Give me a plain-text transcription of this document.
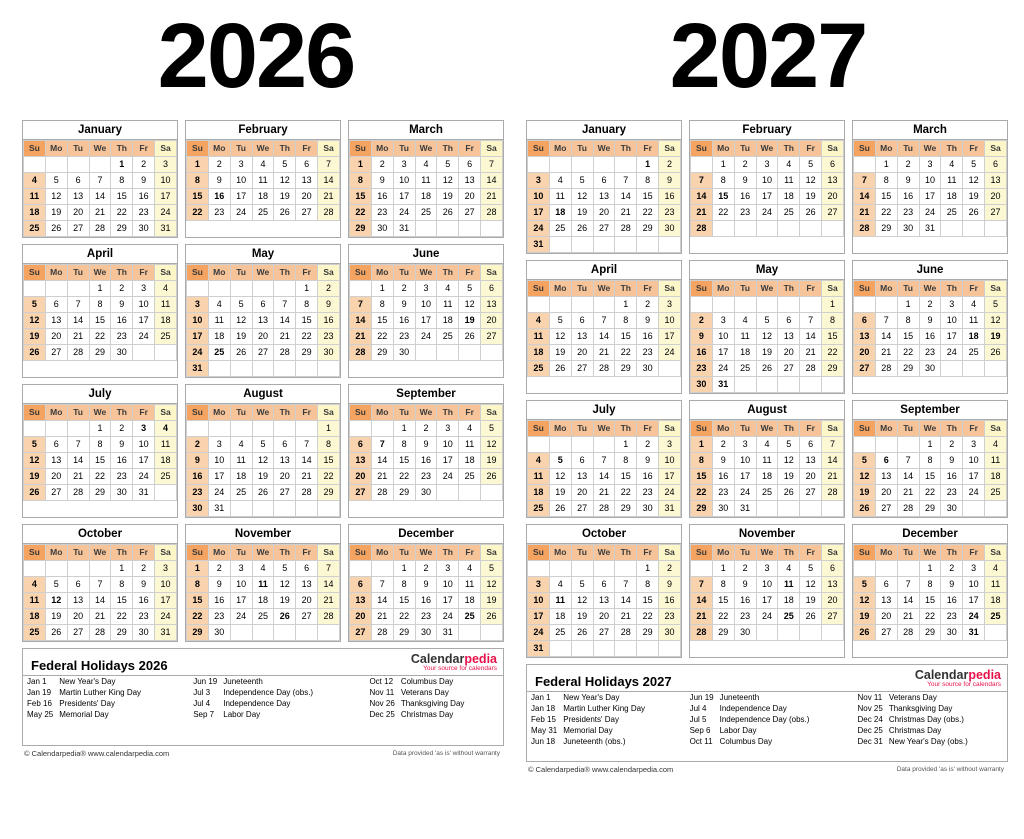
2026	2027
January
Su	Mo	Tu	We	Th	Fr	Sa
				1	2	3
4	5	6	7	8	9	10
11	12	13	14	15	16	17
18	19	20	21	22	23	24
25	26	27	28	29	30	31
February
Su	Mo	Tu	We	Th	Fr	Sa
1	2	3	4	5	6	7
8	9	10	11	12	13	14
15	16	17	18	19	20	21
22	23	24	25	26	27	28
March
Su	Mo	Tu	We	Th	Fr	Sa
1	2	3	4	5	6	7
8	9	10	11	12	13	14
15	16	17	18	19	20	21
22	23	24	25	26	27	28
29	30	31				
April
Su	Mo	Tu	We	Th	Fr	Sa
			1	2	3	4
5	6	7	8	9	10	11
12	13	14	15	16	17	18
19	20	21	22	23	24	25
26	27	28	29	30		
May
Su	Mo	Tu	We	Th	Fr	Sa
					1	2
3	4	5	6	7	8	9
10	11	12	13	14	15	16
17	18	19	20	21	22	23
24	25	26	27	28	29	30
31						
June
Su	Mo	Tu	We	Th	Fr	Sa
	1	2	3	4	5	6
7	8	9	10	11	12	13
14	15	16	17	18	19	20
21	22	23	24	25	26	27
28	29	30				
July
Su	Mo	Tu	We	Th	Fr	Sa
			1	2	3	4
5	6	7	8	9	10	11
12	13	14	15	16	17	18
19	20	21	22	23	24	25
26	27	28	29	30	31	
August
Su	Mo	Tu	We	Th	Fr	Sa
						1
2	3	4	5	6	7	8
9	10	11	12	13	14	15
16	17	18	19	20	21	22
23	24	25	26	27	28	29
30	31					
September
Su	Mo	Tu	We	Th	Fr	Sa
		1	2	3	4	5
6	7	8	9	10	11	12
13	14	15	16	17	18	19
20	21	22	23	24	25	26
27	28	29	30			
October
Su	Mo	Tu	We	Th	Fr	Sa
				1	2	3
4	5	6	7	8	9	10
11	12	13	14	15	16	17
18	19	20	21	22	23	24
25	26	27	28	29	30	31
November
Su	Mo	Tu	We	Th	Fr	Sa
1	2	3	4	5	6	7
8	9	10	11	12	13	14
15	16	17	18	19	20	21
22	23	24	25	26	27	28
29	30					
December
Su	Mo	Tu	We	Th	Fr	Sa
		1	2	3	4	5
6	7	8	9	10	11	12
13	14	15	16	17	18	19
20	21	22	23	24	25	26
27	28	29	30	31		
Federal Holidays 2026	Calendarpedia
Your source for calendars
Jan 1	New Year's Day	Jun 19	Juneteenth	Oct 12	Columbus Day
Jan 19	Martin Luther King Day	Jul 3	Independence Day (obs.)	Nov 11	Veterans Day
Feb 16	Presidents' Day	Jul 4	Independence Day	Nov 26	Thanksgiving Day
May 25	Memorial Day	Sep 7	Labor Day	Dec 25	Christmas Day
© Calendarpedia® www.calendarpedia.com	Data provided 'as is' without warranty
January
Su	Mo	Tu	We	Th	Fr	Sa
					1	2
3	4	5	6	7	8	9
10	11	12	13	14	15	16
17	18	19	20	21	22	23
24	25	26	27	28	29	30
31						
February
Su	Mo	Tu	We	Th	Fr	Sa
	1	2	3	4	5	6
7	8	9	10	11	12	13
14	15	16	17	18	19	20
21	22	23	24	25	26	27
28						
March
Su	Mo	Tu	We	Th	Fr	Sa
	1	2	3	4	5	6
7	8	9	10	11	12	13
14	15	16	17	18	19	20
21	22	23	24	25	26	27
28	29	30	31			
April
Su	Mo	Tu	We	Th	Fr	Sa
				1	2	3
4	5	6	7	8	9	10
11	12	13	14	15	16	17
18	19	20	21	22	23	24
25	26	27	28	29	30	
May
Su	Mo	Tu	We	Th	Fr	Sa
						1
2	3	4	5	6	7	8
9	10	11	12	13	14	15
16	17	18	19	20	21	22
23	24	25	26	27	28	29
30	31					
June
Su	Mo	Tu	We	Th	Fr	Sa
		1	2	3	4	5
6	7	8	9	10	11	12
13	14	15	16	17	18	19
20	21	22	23	24	25	26
27	28	29	30			
July
Su	Mo	Tu	We	Th	Fr	Sa
				1	2	3
4	5	6	7	8	9	10
11	12	13	14	15	16	17
18	19	20	21	22	23	24
25	26	27	28	29	30	31
August
Su	Mo	Tu	We	Th	Fr	Sa
1	2	3	4	5	6	7
8	9	10	11	12	13	14
15	16	17	18	19	20	21
22	23	24	25	26	27	28
29	30	31				
September
Su	Mo	Tu	We	Th	Fr	Sa
			1	2	3	4
5	6	7	8	9	10	11
12	13	14	15	16	17	18
19	20	21	22	23	24	25
26	27	28	29	30		
October
Su	Mo	Tu	We	Th	Fr	Sa
					1	2
3	4	5	6	7	8	9
10	11	12	13	14	15	16
17	18	19	20	21	22	23
24	25	26	27	28	29	30
31						
November
Su	Mo	Tu	We	Th	Fr	Sa
	1	2	3	4	5	6
7	8	9	10	11	12	13
14	15	16	17	18	19	20
21	22	23	24	25	26	27
28	29	30				
December
Su	Mo	Tu	We	Th	Fr	Sa
			1	2	3	4
5	6	7	8	9	10	11
12	13	14	15	16	17	18
19	20	21	22	23	24	25
26	27	28	29	30	31	
Federal Holidays 2027	Calendarpedia
Your source for calendars
Jan 1	New Year's Day	Jun 19	Juneteenth	Nov 11	Veterans Day
Jan 18	Martin Luther King Day	Jul 4	Independence Day	Nov 25	Thanksgiving Day
Feb 15	Presidents' Day	Jul 5	Independence Day (obs.)	Dec 24	Christmas Day (obs.)
May 31	Memorial Day	Sep 6	Labor Day	Dec 25	Christmas Day
Jun 18	Juneteenth (obs.)	Oct 11	Columbus Day	Dec 31	New Year's Day (obs.)
© Calendarpedia® www.calendarpedia.com	Data provided 'as is' without warranty
